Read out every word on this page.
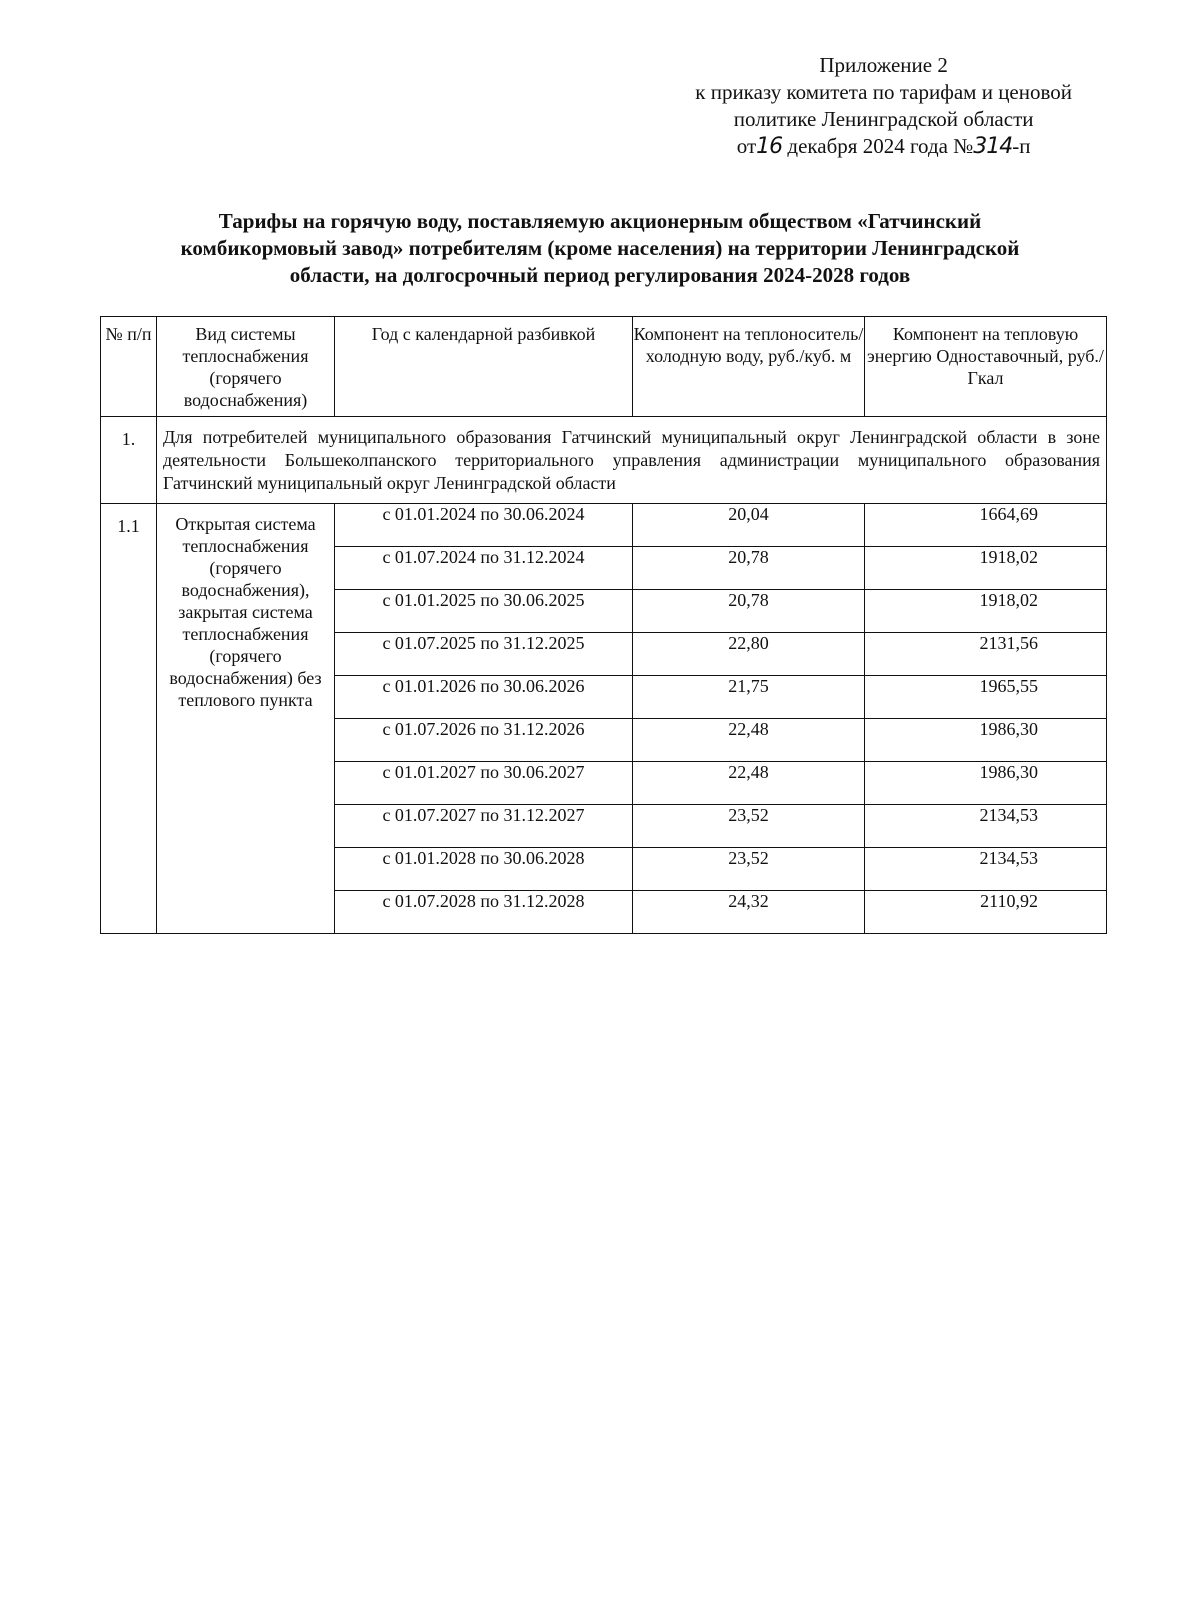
Приложение 2
к приказу комитета по тарифам и ценовой
политике Ленинградской области
от16 декабря 2024 года №314-п
Тарифы на горячую воду, поставляемую акционерным обществом «Гатчинский
комбикормовый завод» потребителям (кроме населения) на территории Ленинградской
области, на долгосрочный период регулирования 2024-2028 годов
№ п/п	Вид системы теплоснабжения (горячего водоснабжения)	Год с календарной разбивкой	Компонент на теплоноситель/холодную воду, руб./куб. м	Компонент на тепловую энергию Одноставочный, руб./Гкал
1.	Для потребителей муниципального образования Гатчинский муниципальный округ Ленинградской области в зоне деятельности Большеколпанского территориального управления администрации муниципального образования Гатчинский муниципальный округ Ленинградской области			
1.1	Открытая система теплоснабжения (горячего водоснабжения), закрытая система теплоснабжения (горячего водоснабжения) без теплового пункта	с 01.01.2024 по 30.06.2024	20,04	1664,69
		с 01.07.2024 по 31.12.2024	20,78	1918,02
		с 01.01.2025 по 30.06.2025	20,78	1918,02
		с 01.07.2025 по 31.12.2025	22,80	2131,56
		с 01.01.2026 по 30.06.2026	21,75	1965,55
		с 01.07.2026 по 31.12.2026	22,48	1986,30
		с 01.01.2027 по 30.06.2027	22,48	1986,30
		с 01.07.2027 по 31.12.2027	23,52	2134,53
		с 01.01.2028 по 30.06.2028	23,52	2134,53
		с 01.07.2028 по 31.12.2028	24,32	2110,92
